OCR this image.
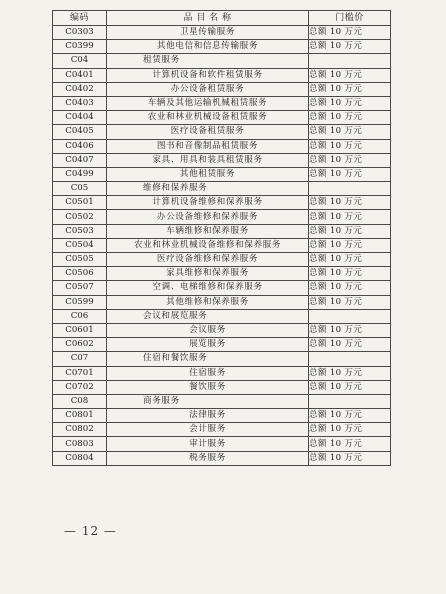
编码	品 目 名 称	门槛价
C0303	卫星传输服务	总额 10 万元
C0399	其他电信和信息传输服务	总额 10 万元
C04	租赁服务	
C0401	计算机设备和软件租赁服务	总额 10 万元
C0402	办公设备租赁服务	总额 10 万元
C0403	车辆及其他运输机械租赁服务	总额 10 万元
C0404	农业和林业机械设备租赁服务	总额 10 万元
C0405	医疗设备租赁服务	总额 10 万元
C0406	图书和音像制品租赁服务	总额 10 万元
C0407	家具、用具和装具租赁服务	总额 10 万元
C0499	其他租赁服务	总额 10 万元
C05	维修和保养服务	
C0501	计算机设备维修和保养服务	总额 10 万元
C0502	办公设备维修和保养服务	总额 10 万元
C0503	车辆维修和保养服务	总额 10 万元
C0504	农业和林业机械设备维修和保养服务	总额 10 万元
C0505	医疗设备维修和保养服务	总额 10 万元
C0506	家具维修和保养服务	总额 10 万元
C0507	空调、电梯维修和保养服务	总额 10 万元
C0599	其他维修和保养服务	总额 10 万元
C06	会议和展览服务	
C0601	会议服务	总额 10 万元
C0602	展览服务	总额 10 万元
C07	住宿和餐饮服务	
C0701	住宿服务	总额 10 万元
C0702	餐饮服务	总额 10 万元
C08	商务服务	
C0801	法律服务	总额 10 万元
C0802	会计服务	总额 10 万元
C0803	审计服务	总额 10 万元
C0804	税务服务	总额 10 万元
— 12 —
